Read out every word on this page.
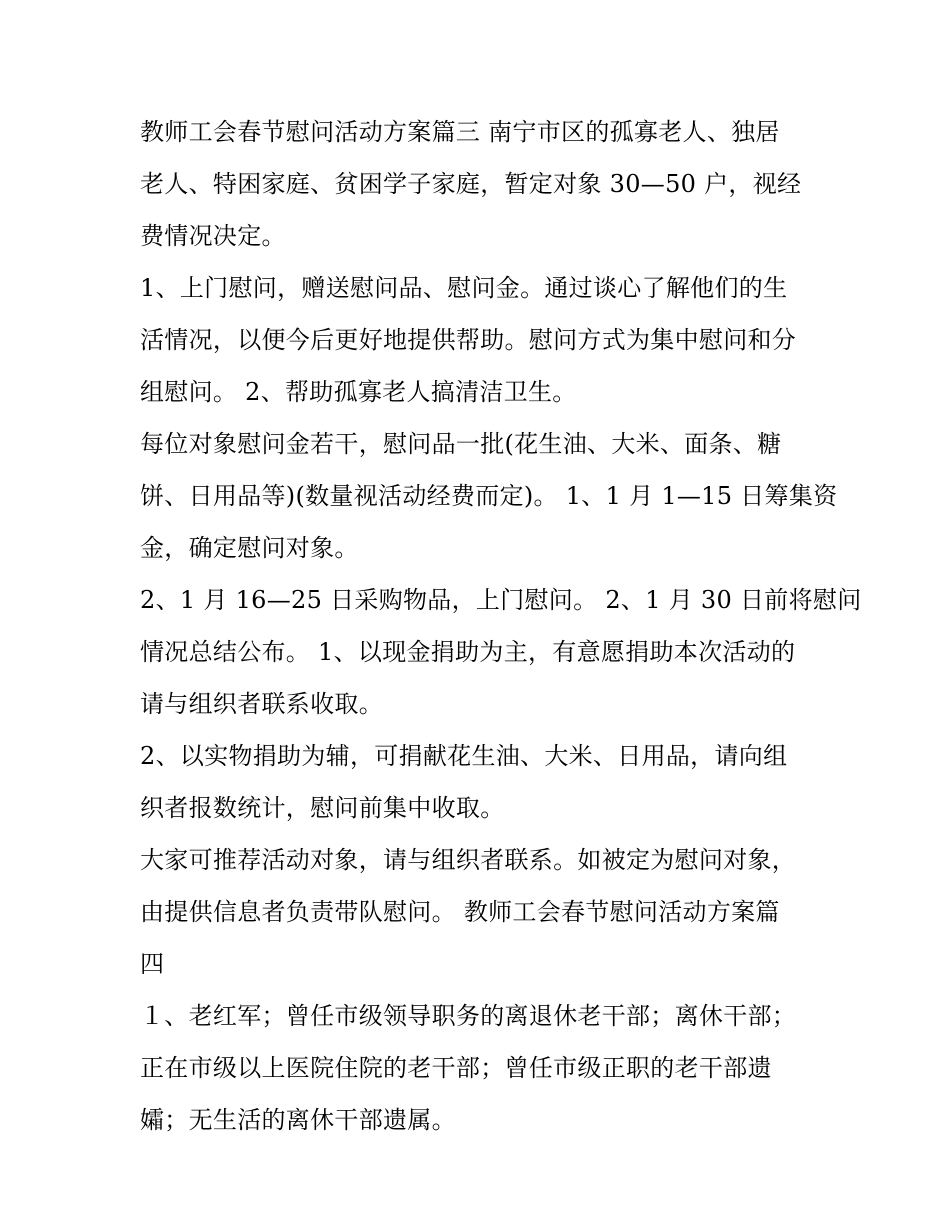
教师工会春节慰问活动方案篇三 南宁市区的孤寡老人、独居
老人、特困家庭、贫困学子家庭，暂定对象 30—50 户，视经
费情况决定。
1、上门慰问，赠送慰问品、慰问金。通过谈心了解他们的生
活情况，以便今后更好地提供帮助。慰问方式为集中慰问和分
组慰问。 2、帮助孤寡老人搞清洁卫生。
每位对象慰问金若干，慰问品一批(花生油、大米、面条、糖
饼、日用品等)(数量视活动经费而定)。 1、1 月 1—15 日筹集资
金，确定慰问对象。
2、1 月 16—25 日采购物品，上门慰问。 2、1 月 30 日前将慰问
情况总结公布。 1、以现金捐助为主，有意愿捐助本次活动的
请与组织者联系收取。
2、以实物捐助为辅，可捐献花生油、大米、日用品，请向组
织者报数统计，慰问前集中收取。
大家可推荐活动对象，请与组织者联系。如被定为慰问对象，
由提供信息者负责带队慰问。 教师工会春节慰问活动方案篇
四
１、老红军；曾任市级领导职务的离退休老干部；离休干部；
正在市级以上医院住院的老干部；曾任市级正职的老干部遗
孀；无生活的离休干部遗属。
